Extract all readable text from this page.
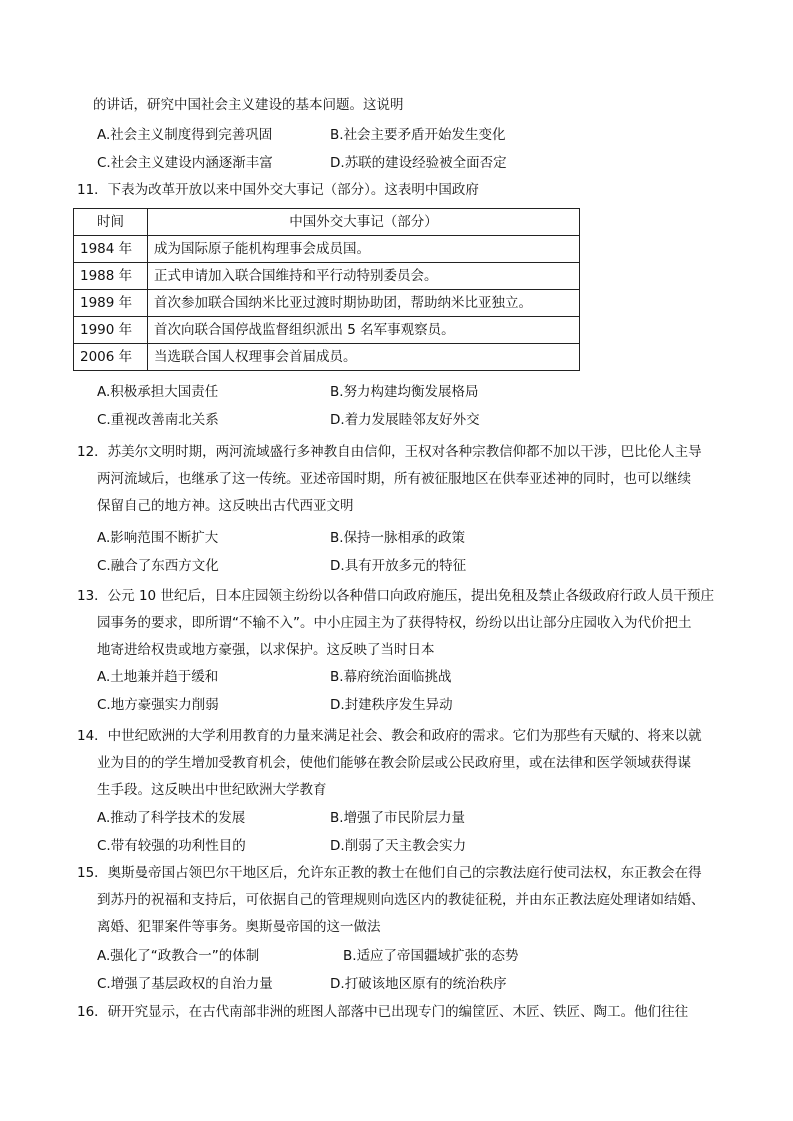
的讲话，研究中国社会主义建设的基本问题。这说明
A.社会主义制度得到完善巩固	B.社会主要矛盾开始发生变化
C.社会主义建设内涵逐渐丰富	D.苏联的建设经验被全面否定
11．下表为改革开放以来中国外交大事记（部分）。这表明中国政府
时间	中国外交大事记（部分）
1984 年	成为国际原子能机构理事会成员国。
1988 年	正式申请加入联合国维持和平行动特别委员会。
1989 年	首次参加联合国纳米比亚过渡时期协助团，帮助纳米比亚独立。
1990 年	首次向联合国停战监督组织派出 5 名军事观察员。
2006 年	当选联合国人权理事会首届成员。
A.积极承担大国责任	B.努力构建均衡发展格局
C.重视改善南北关系	D.着力发展睦邻友好外交
12．苏美尔文明时期，两河流域盛行多神教自由信仰，王权对各种宗教信仰都不加以干涉，巴比伦人主导
两河流域后，也继承了这一传统。亚述帝国时期，所有被征服地区在供奉亚述神的同时，也可以继续
保留自己的地方神。这反映出古代西亚文明
A.影响范围不断扩大	B.保持一脉相承的政策
C.融合了东西方文化	D.具有开放多元的特征
13．公元 10 世纪后，日本庄园领主纷纷以各种借口向政府施压，提出免租及禁止各级政府行政人员干预庄
园事务的要求，即所谓“不输不入”。中小庄园主为了获得特权，纷纷以出让部分庄园收入为代价把土
地寄进给权贵或地方豪强，以求保护。这反映了当时日本
A.土地兼并趋于缓和	B.幕府统治面临挑战
C.地方豪强实力削弱	D.封建秩序发生异动
14．中世纪欧洲的大学利用教育的力量来满足社会、教会和政府的需求。它们为那些有天赋的、将来以就
业为目的的学生增加受教育机会，使他们能够在教会阶层或公民政府里，或在法律和医学领域获得谋
生手段。这反映出中世纪欧洲大学教育
A.推动了科学技术的发展	B.增强了市民阶层力量
C.带有较强的功利性目的	D.削弱了天主教会实力
15．奥斯曼帝国占领巴尔干地区后，允许东正教的教士在他们自己的宗教法庭行使司法权，东正教会在得
到苏丹的祝福和支持后，可依据自己的管理规则向选区内的教徒征税，并由东正教法庭处理诸如结婚、
离婚、犯罪案件等事务。奥斯曼帝国的这一做法
A.强化了“政教合一”的体制	B.适应了帝国疆域扩张的态势
C.增强了基层政权的自治力量	D.打破该地区原有的统治秩序
16．研开究显示，在古代南部非洲的班图人部落中已出现专门的编筐匠、木匠、铁匠、陶工。他们往往
